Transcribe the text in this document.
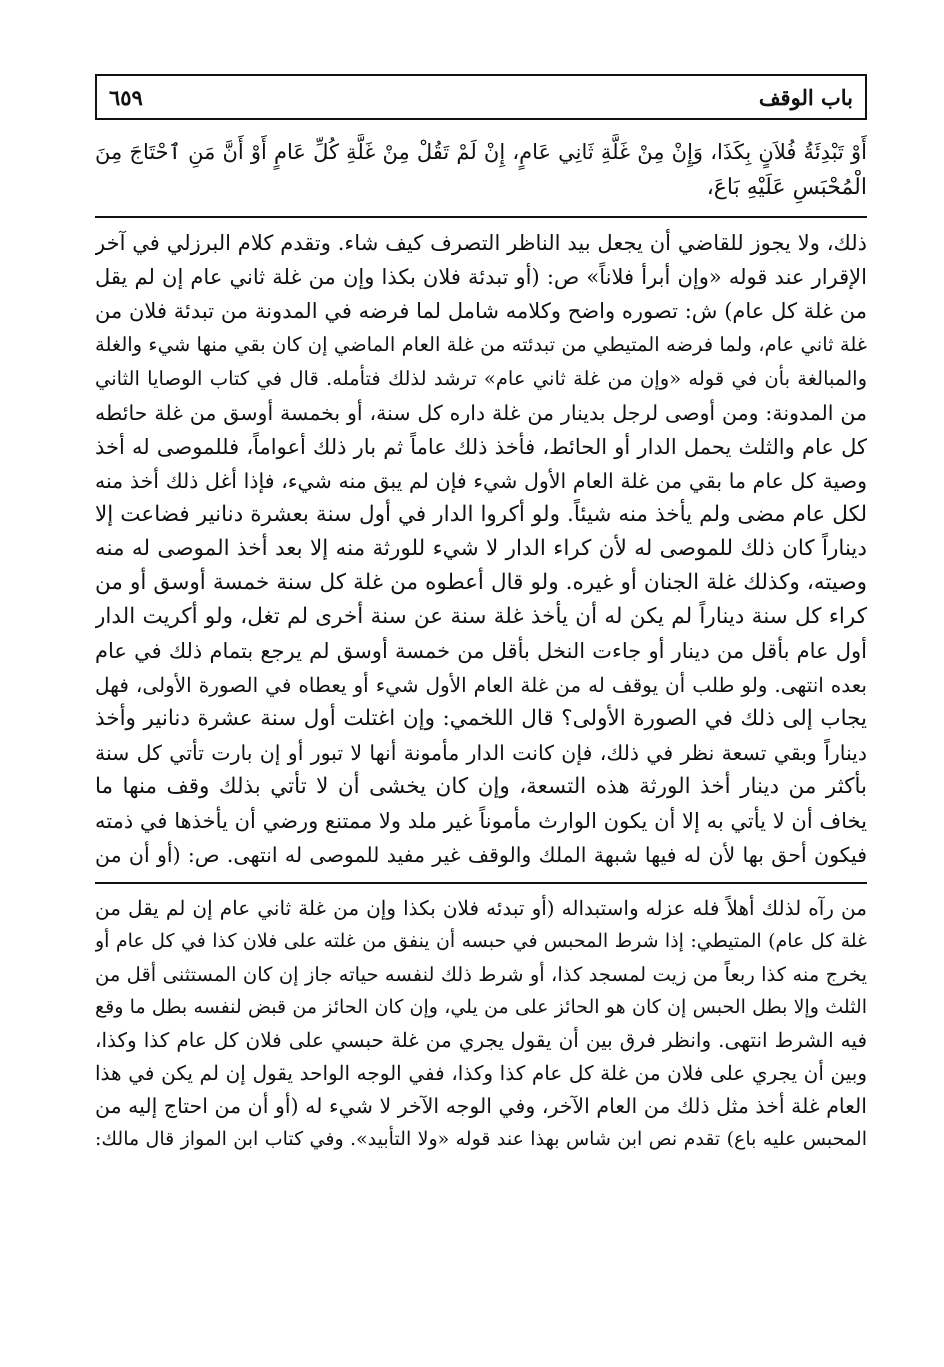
باب الوقف
٦٥٩
أَوْ تَبْدِئَةُ فُلاَنٍ بِكَذَا، وَإِنْ مِنْ غَلَّةِ ثَانِي عَامٍ، إِنْ لَمْ تَقُلْ مِنْ غَلَّةِ كُلِّ عَامٍ أَوْ أَنَّ مَنِ ٱحْتَاجَ مِنَ
الْمُحْبَسِ عَلَيْهِ بَاعَ،
ذلك، ولا يجوز للقاضي أن يجعل بيد الناظر التصرف كيف شاء. وتقدم كلام البرزلي في آخر
الإقرار عند قوله «وإن أبرأ فلاناً» ص: (أو تبدئة فلان بكذا وإن من غلة ثاني عام إن لم يقل
من غلة كل عام) ش: تصوره واضح وكلامه شامل لما فرضه في المدونة من تبدئة فلان من
غلة ثاني عام، ولما فرضه المتيطي من تبدئته من غلة العام الماضي إن كان بقي منها شيء والغلة
والمبالغة بأن في قوله «وإن من غلة ثاني عام» ترشد لذلك فتأمله. قال في كتاب الوصايا الثاني
من المدونة: ومن أوصى لرجل بدينار من غلة داره كل سنة، أو بخمسة أوسق من غلة حائطه
كل عام والثلث يحمل الدار أو الحائط، فأخذ ذلك عاماً ثم بار ذلك أعواماً، فللموصى له أخذ
وصية كل عام ما بقي من غلة العام الأول شيء فإن لم يبق منه شيء، فإذا أغل ذلك أخذ منه
لكل عام مضى ولم يأخذ منه شيئاً. ولو أكروا الدار في أول سنة بعشرة دنانير فضاعت إلا
ديناراً كان ذلك للموصى له لأن كراء الدار لا شيء للورثة منه إلا بعد أخذ الموصى له منه
وصيته، وكذلك غلة الجنان أو غيره. ولو قال أعطوه من غلة كل سنة خمسة أوسق أو من
كراء كل سنة ديناراً لم يكن له أن يأخذ غلة سنة عن سنة أخرى لم تغل، ولو أكريت الدار
أول عام بأقل من دينار أو جاءت النخل بأقل من خمسة أوسق لم يرجع بتمام ذلك في عام
بعده انتهى. ولو طلب أن يوقف له من غلة العام الأول شيء أو يعطاه في الصورة الأولى، فهل
يجاب إلى ذلك في الصورة الأولى؟ قال اللخمي: وإن اغتلت أول سنة عشرة دنانير وأخذ
ديناراً وبقي تسعة نظر في ذلك، فإن كانت الدار مأمونة أنها لا تبور أو إن بارت تأتي كل سنة
بأكثر من دينار أخذ الورثة هذه التسعة، وإن كان يخشى أن لا تأتي بذلك وقف منها ما
يخاف أن لا يأتي به إلا أن يكون الوارث مأموناً غير ملد ولا ممتنع ورضي أن يأخذها في ذمته
فيكون أحق بها لأن له فيها شبهة الملك والوقف غير مفيد للموصى له انتهى. ص: (أو أن من
من رآه لذلك أهلاً فله عزله واستبداله (أو تبدئه فلان بكذا وإن من غلة ثاني عام إن لم يقل من
غلة كل عام) المتيطي: إذا شرط المحبس في حبسه أن ينفق من غلته على فلان كذا في كل عام أو
يخرج منه كذا ربعاً من زيت لمسجد كذا، أو شرط ذلك لنفسه حياته جاز إن كان المستثنى أقل من
الثلث وإلا بطل الحبس إن كان هو الحائز على من يلي، وإن كان الحائز من قبض لنفسه بطل ما وقع
فيه الشرط انتهى. وانظر فرق بين أن يقول يجري من غلة حبسي على فلان كل عام كذا وكذا،
وبين أن يجري على فلان من غلة كل عام كذا وكذا، ففي الوجه الواحد يقول إن لم يكن في هذا
العام غلة أخذ مثل ذلك من العام الآخر، وفي الوجه الآخر لا شيء له (أو أن من احتاج إليه من
المحبس عليه باع) تقدم نص ابن شاس بهذا عند قوله «ولا التأبيد». وفي كتاب ابن المواز قال مالك:
